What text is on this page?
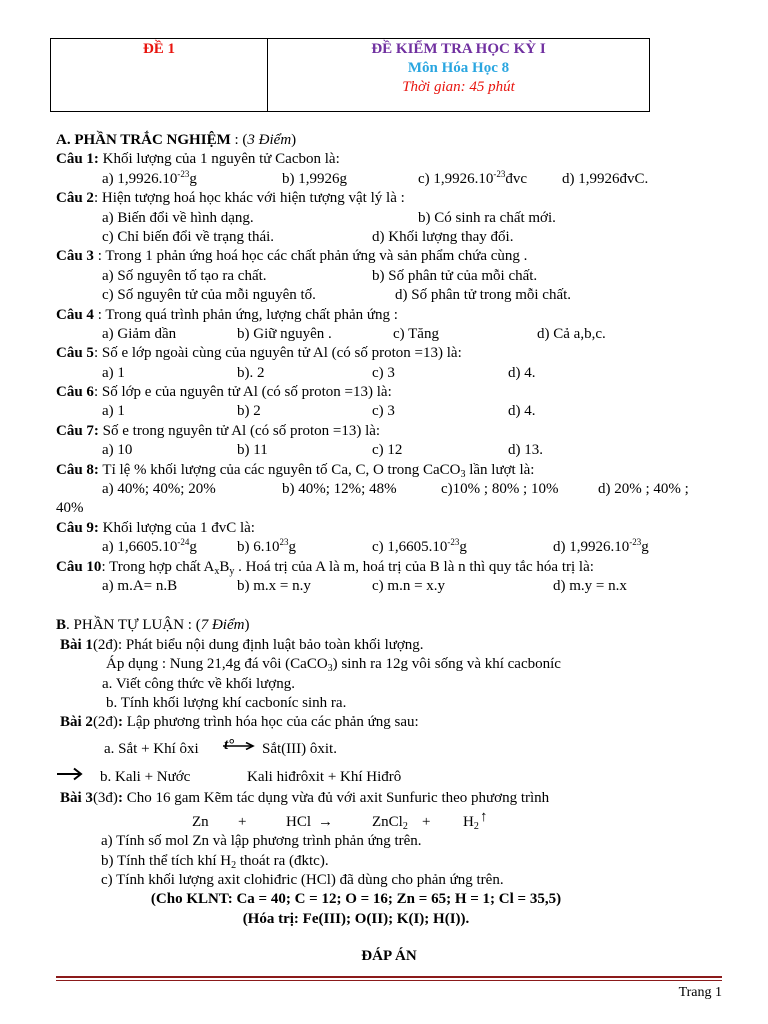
ĐỀ 1	ĐỀ KIỂM TRA HỌC KỲ I
Môn Hóa Học 8
Thời gian: 45 phút
A. PHẦN TRẮC NGHIỆM : (3 Điểm)
Câu 1: Khối lượng của 1 nguyên tử Cacbon là:
a) $1,9926.10^{-23}g$	b) 1,9926g	c) $1,9926.10^{-23}đvc$ d) 1,9926đvC.
Câu 2: Hiện tượng hoá học khác với hiện tượng vật lý là :
a) Biến đổi về hình dạng.	b) Có sinh ra chất mới.
c) Chỉ biến đổi về trạng thái.	d) Khối lượng thay đổi.
Câu 3 : Trong 1 phản ứng hoá học các chất phản ứng và sản phẩm chứa cùng .
a) Số nguyên tố tạo ra chất.	b) Số phân tử của mỗi chất.
c) Số nguyên tử của mỗi nguyên tố.	d) Số phân tử trong mỗi chất.
Câu 4 : Trong quá trình phản ứng, lượng chất phản ứng :
a) Giảm dần	b) Giữ nguyên .	c) Tăng	d) Cả a,b,c.
Câu 5: Số e lớp ngoài cùng của nguyên tử Al (có số proton =13) là:
a) 1	b). 2	c) 3	d) 4.
Câu 6: Số lớp e của nguyên tử Al (có số proton =13) là:
a) 1	b) 2	c) 3	d) 4.
Câu 7: Số e trong nguyên tử Al (có số proton =13) là:
a) 10	b) 11	c) 12	d) 13.
Câu 8: Tỉ lệ % khối lượng của các nguyên tố Ca, C, O trong CaCO$_3$ lần lượt là:
a) 40%; 40%; 20%	b) 40%; 12%; 48%	c)10% ; 80% ; 10%	d) 20% ; 40% ;
40%
Câu 9: Khối lượng của 1 đvC là:
a) $1,6605.10^{-24}g$	b) 6.10$^{23}$g	c) $1,6605.10^{-23}g$	d) $1,9926.10^{-23}g$
Câu 10: Trong hợp chất $A_xB_y$ . Hoá trị của A là m, hoá trị của B là n thì quy tắc hóa trị là:
a) m.A= n.B	b) m.x = n.y	c) m.n = x.y	d) m.y = n.x
B. PHẦN TỰ LUẬN : (7 Điểm)
Bài 1(2đ): Phát biểu nội dung định luật bảo toàn khối lượng.
Áp dụng : Nung 21,4g đá vôi (CaCO$_3$) sinh ra 12g vôi sống và khí cacboníc
a. Viết công thức về khối lượng.
b. Tính khối lượng khí cacboníc sinh ra.
Bài 2(2đ): Lập phương trình hóa học của các phản ứng sau:
a. Sắt + Khí ôxi t° Sắt(III) ôxit.
b. Kali + Nước	Kali hiđrôxit + Khí Hiđrô
Bài 3(3đ): Cho 16 gam Kẽm tác dụng vừa đủ với axit Sunfuric theo phương trình
Zn +	HCl →	ZnCl$_2$ + $H_2$
↑
a) Tính số mol Zn và lập phương trình phản ứng trên.
b) Tính thể tích khí $H_2$ thoát ra (đktc).
c) Tính khối lượng axit clohiđric (HCl) đã dùng cho phản ứng trên.
(Cho KLNT: Ca = 40; C = 12; O = 16; Zn = 65; H = 1; Cl = 35,5)
(Hóa trị: Fe(III); O(II); K(I); H(I)).
ĐÁP ÁN
Trang 1
